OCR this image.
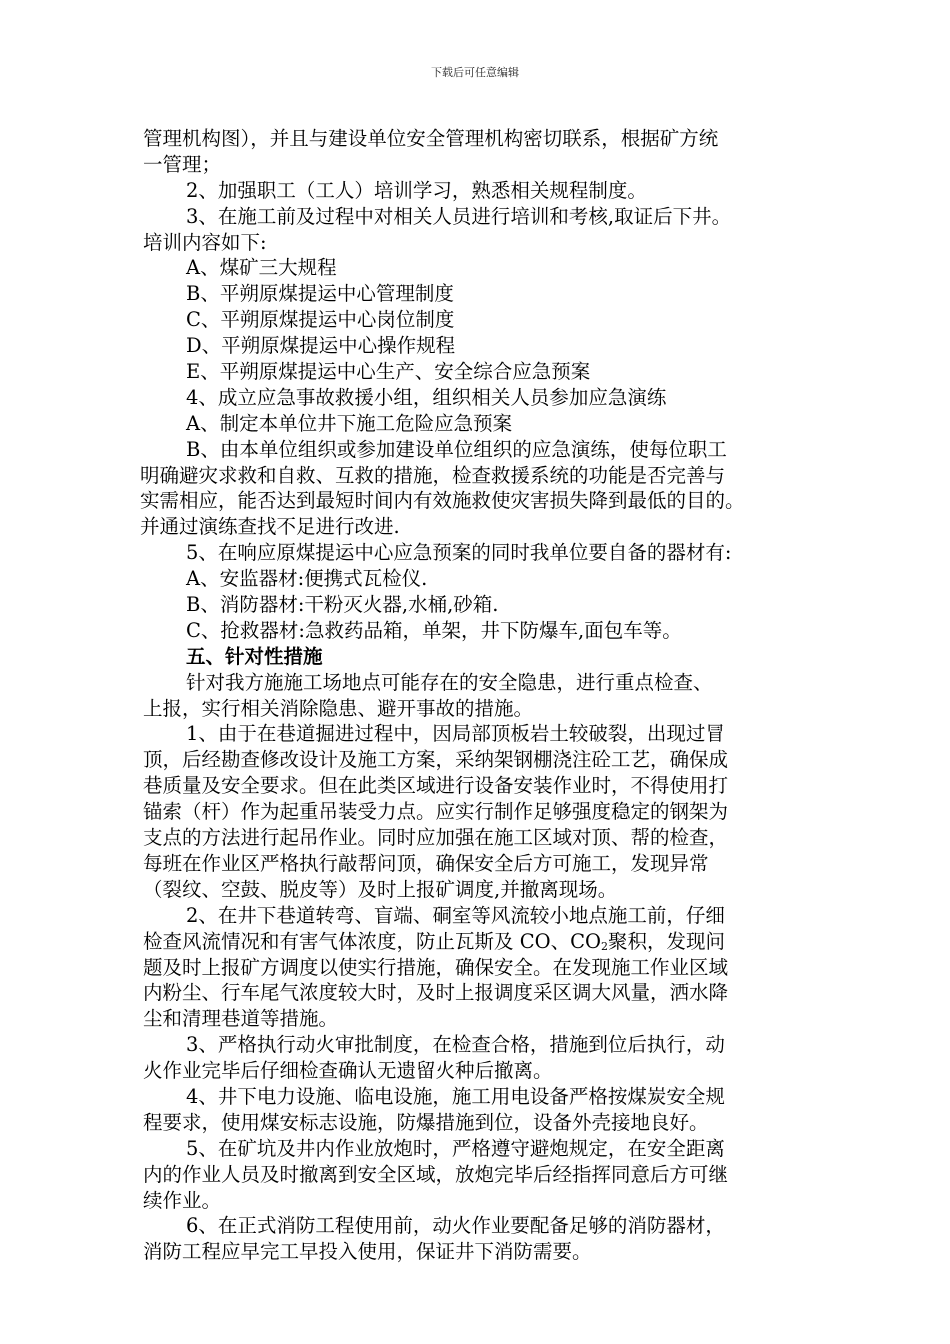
下载后可任意编辑
管理机构图），并且与建设单位安全管理机构密切联系，根据矿方统
一管理；
2、加强职工（工人）培训学习，熟悉相关规程制度。
3、在施工前及过程中对相关人员进行培训和考核,取证后下井。
培训内容如下:
A、煤矿三大规程
B、平朔原煤提运中心管理制度
C、平朔原煤提运中心岗位制度
D、平朔原煤提运中心操作规程
E、平朔原煤提运中心生产、安全综合应急预案
4、成立应急事故救援小组，组织相关人员参加应急演练
A、制定本单位井下施工危险应急预案
B、由本单位组织或参加建设单位组织的应急演练，使每位职工
明确避灾求救和自救、互救的措施，检查救援系统的功能是否完善与
实需相应，能否达到最短时间内有效施救使灾害损失降到最低的目的。
并通过演练查找不足进行改进.
5、在响应原煤提运中心应急预案的同时我单位要自备的器材有:
A、安监器材:便携式瓦检仪.
B、消防器材:干粉灭火器,水桶,砂箱.
C、抢救器材:急救药品箱，单架，井下防爆车,面包车等。
五、针对性措施
针对我方施施工场地点可能存在的安全隐患，进行重点检查、
上报，实行相关消除隐患、避开事故的措施。
1、由于在巷道掘进过程中，因局部顶板岩土较破裂，出现过冒
顶，后经勘查修改设计及施工方案，采纳架钢棚浇注砼工艺，确保成
巷质量及安全要求。但在此类区域进行设备安装作业时，不得使用打
锚索（杆）作为起重吊装受力点。应实行制作足够强度稳定的钢架为
支点的方法进行起吊作业。同时应加强在施工区域对顶、帮的检查，
每班在作业区严格执行敲帮问顶，确保安全后方可施工，发现异常
（裂纹、空鼓、脱皮等）及时上报矿调度,并撤离现场。
2、在井下巷道转弯、盲端、硐室等风流较小地点施工前，仔细
检查风流情况和有害气体浓度，防止瓦斯及 CO、$CO_2$聚积，发现问
题及时上报矿方调度以使实行措施，确保安全。在发现施工作业区域
内粉尘、行车尾气浓度较大时，及时上报调度采区调大风量，洒水降
尘和清理巷道等措施。
3、严格执行动火审批制度，在检查合格，措施到位后执行，动
火作业完毕后仔细检查确认无遗留火种后撤离。
4、井下电力设施、临电设施，施工用电设备严格按煤炭安全规
程要求，使用煤安标志设施，防爆措施到位，设备外壳接地良好。
5、在矿坑及井内作业放炮时，严格遵守避炮规定，在安全距离
内的作业人员及时撤离到安全区域，放炮完毕后经指挥同意后方可继
续作业。
6、在正式消防工程使用前，动火作业要配备足够的消防器材，
消防工程应早完工早投入使用，保证井下消防需要。
